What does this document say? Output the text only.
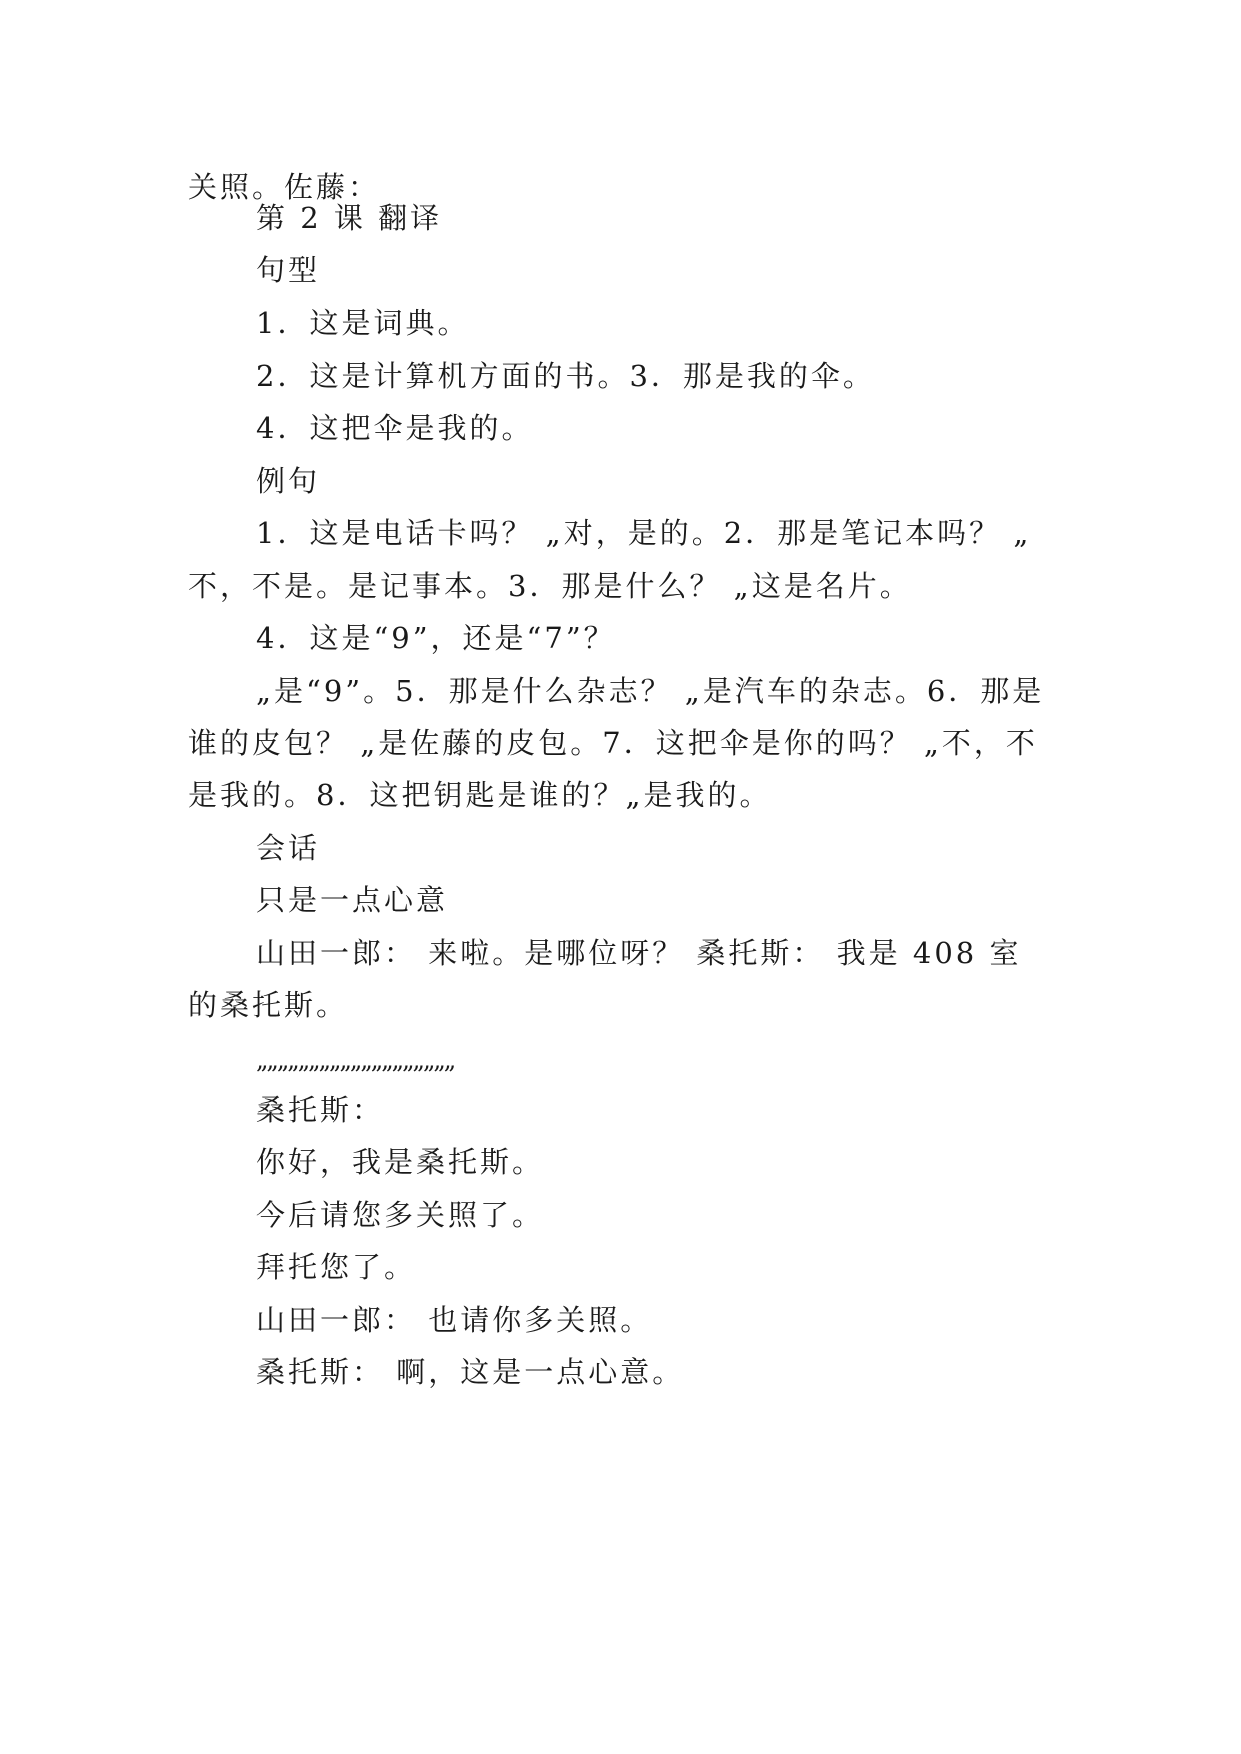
关照。佐藤：
第 2 课 翻译
句型
1．这是词典。
2．这是计算机方面的书。3．那是我的伞。
4．这把伞是我的。
例句
1．这是电话卡吗？ „对，是的。2．那是笔记本吗？ „
不，不是。是记事本。3．那是什么？ „这是名片。
4．这是“9”，还是“7”？
„是“9”。5．那是什么杂志？ „是汽车的杂志。6．那是
谁的皮包？ „是佐藤的皮包。7．这把伞是你的吗？ „不，不
是我的。8．这把钥匙是谁的？„是我的。
会话
只是一点心意
山田一郎： 来啦。是哪位呀？ 桑托斯： 我是 408 室
的桑托斯。
„„„„„„„„„„„„„„„„„„„
桑托斯：
你好，我是桑托斯。
今后请您多关照了。
拜托您了。
山田一郎： 也请你多关照。
桑托斯： 啊，这是一点心意。
